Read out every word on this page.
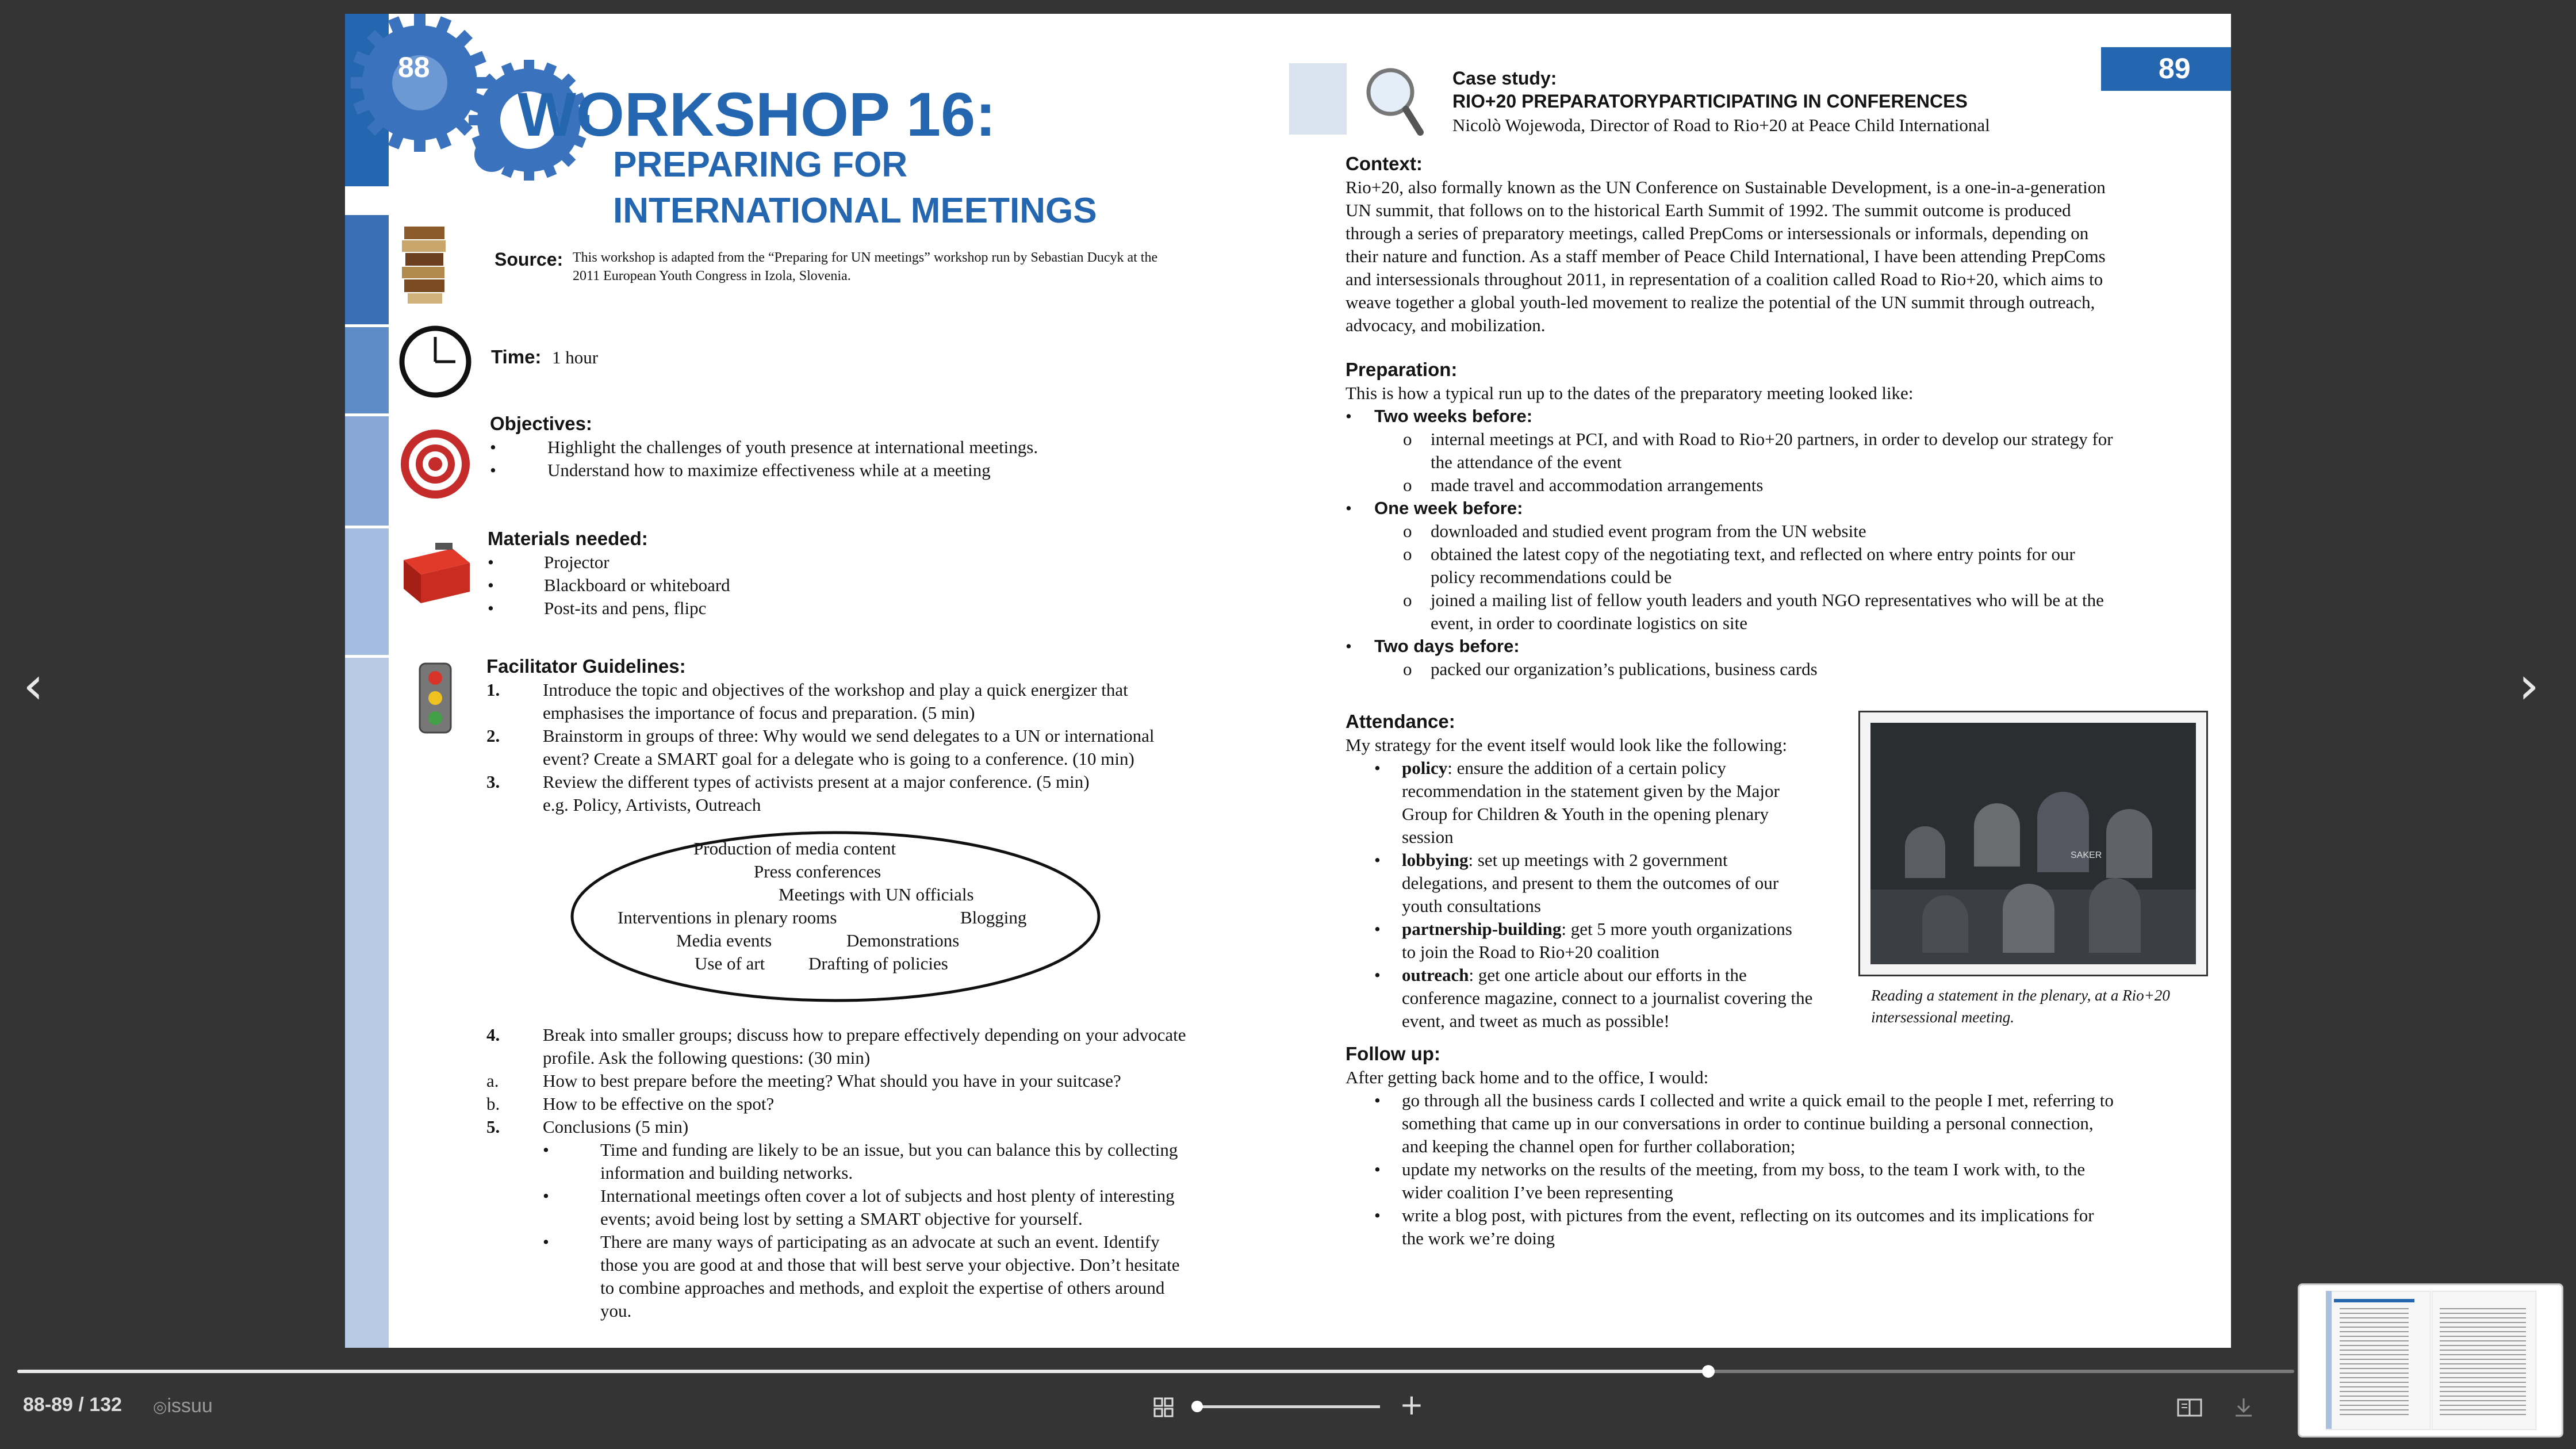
88
WORKSHOP 16:
PREPARING FOR
INTERNATIONAL MEETINGS
Source: This workshop is adapted from the “Preparing for UN meetings” workshop run by Sebastian Ducyk at the
2011 European Youth Congress in Izola, Slovenia.
Time: 1 hour
Objectives:
•	Highlight the challenges of youth presence at international meetings.
•	Understand how to maximize effectiveness while at a meeting
Materials needed:
•	Projector
•	Blackboard or whiteboard
•	Post-its and pens, flipc
Facilitator Guidelines:
1. Introduce the topic and objectives of the workshop and play a quick energizer that
emphasises the importance of focus and preparation. (5 min)
2. Brainstorm in groups of three: Why would we send delegates to a UN or international
event? Create a SMART goal for a delegate who is going to a conference. (10 min)
3. Review the different types of activists present at a major conference. (5 min)
e.g. Policy, Artivists, Outreach
Production of media content
Press conferences
Meetings with UN officials
Interventions in plenary rooms	Blogging
Media events	Demonstrations
Use of art Drafting of policies
4. Break into smaller groups; discuss how to prepare effectively depending on your advocate
profile. Ask the following questions: (30 min)
a. How to best prepare before the meeting? What should you have in your suitcase?
b. How to be effective on the spot?
5. Conclusions (5 min)
•	Time and funding are likely to be an issue, but you can balance this by collecting
information and building networks.
•	International meetings often cover a lot of subjects and host plenty of interesting
events; avoid being lost by setting a SMART objective for yourself.
•	There are many ways of participating as an advocate at such an event. Identify
those you are good at and those that will best serve your objective. Don’t hesitate
to combine approaches and methods, and exploit the expertise of others around
you.
89
Case study:
RIO+20 PREPARATORYPARTICIPATING IN CONFERENCES
Nicolò Wojewoda, Director of Road to Rio+20 at Peace Child International
Context:
Rio+20, also formally known as the UN Conference on Sustainable Development, is a one-in-a-generation
UN summit, that follows on to the historical Earth Summit of 1992. The summit outcome is produced
through a series of preparatory meetings, called PrepComs or intersessionals or informals, depending on
their nature and function. As a staff member of Peace Child International, I have been attending PrepComs
and intersessionals throughout 2011, in representation of a coalition called Road to Rio+20, which aims to
weave together a global youth-led movement to realize the potential of the UN summit through outreach,
advocacy, and mobilization.
Preparation:
This is how a typical run up to the dates of the preparatory meeting looked like:
• Two weeks before:
o internal meetings at PCI, and with Road to Rio+20 partners, in order to develop our strategy for
the attendance of the event
o made travel and accommodation arrangements
• One week before:
o downloaded and studied event program from the UN website
o obtained the latest copy of the negotiating text, and reflected on where entry points for our
policy recommendations could be
o joined a mailing list of fellow youth leaders and youth NGO representatives who will be at the
event, in order to coordinate logistics on site
• Two days before:
o packed our organization’s publications, business cards
Attendance:
My strategy for the event itself would look like the following:
• policy: ensure the addition of a certain policy
recommendation in the statement given by the Major
Group for Children & Youth in the opening plenary
session
• lobbying: set up meetings with 2 government
delegations, and present to them the outcomes of our
youth consultations
• partnership-building: get 5 more youth organizations
to join the Road to Rio+20 coalition
• outreach: get one article about our efforts in the
conference magazine, connect to a journalist covering the
event, and tweet as much as possible!
SAKER
Reading a statement in the plenary, at a Rio+20
intersessional meeting.
Follow up:
After getting back home and to the office, I would:
• go through all the business cards I collected and write a quick email to the people I met, referring to
something that came up in our conversations in order to continue building a personal connection,
and keeping the channel open for further collaboration;
• update my networks on the results of the meeting, from my boss, to the team I work with, to the
wider coalition I’ve been representing
• write a blog post, with pictures from the event, reflecting on its outcomes and its implications for
the work we’re doing
‹	›
88-89 / 132 ◎issuu	+
